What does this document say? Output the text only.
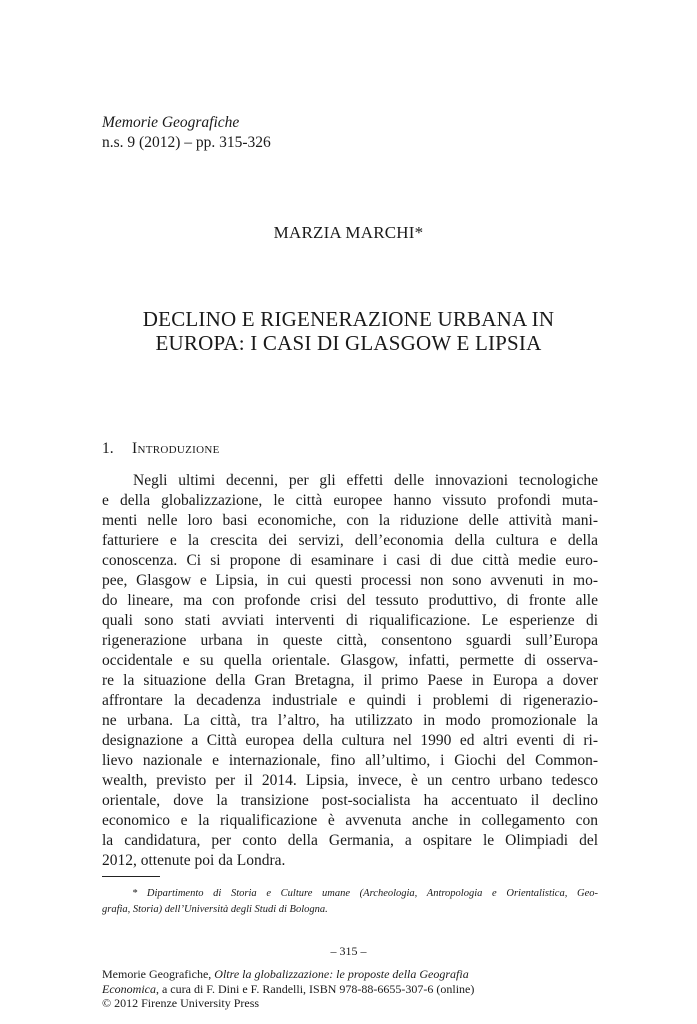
Memorie Geografiche
n.s. 9 (2012) – pp. 315-326
MARZIA MARCHI*
DECLINO E RIGENERAZIONE URBANA IN
EUROPA: I CASI DI GLASGOW E LIPSIA
1. Introduzione
Negli ultimi decenni, per gli effetti delle innovazioni tecnologiche
e della globalizzazione, le città europee hanno vissuto profondi muta-
menti nelle loro basi economiche, con la riduzione delle attività mani-
fatturiere e la crescita dei servizi, dell’economia della cultura e della
conoscenza. Ci si propone di esaminare i casi di due città medie euro-
pee, Glasgow e Lipsia, in cui questi processi non sono avvenuti in mo-
do lineare, ma con profonde crisi del tessuto produttivo, di fronte alle
quali sono stati avviati interventi di riqualificazione. Le esperienze di
rigenerazione urbana in queste città, consentono sguardi sull’Europa
occidentale e su quella orientale. Glasgow, infatti, permette di osserva-
re la situazione della Gran Bretagna, il primo Paese in Europa a dover
affrontare la decadenza industriale e quindi i problemi di rigenerazio-
ne urbana. La città, tra l’altro, ha utilizzato in modo promozionale la
designazione a Città europea della cultura nel 1990 ed altri eventi di ri-
lievo nazionale e internazionale, fino all’ultimo, i Giochi del Common-
wealth, previsto per il 2014. Lipsia, invece, è un centro urbano tedesco
orientale, dove la transizione post-socialista ha accentuato il declino
economico e la riqualificazione è avvenuta anche in collegamento con
la candidatura, per conto della Germania, a ospitare le Olimpiadi del
2012, ottenute poi da Londra.
* Dipartimento di Storia e Culture umane (Archeologia, Antropologia e Orientalistica, Geo-
grafia, Storia) dell’Università degli Studi di Bologna.
– 315 –
Memorie Geografiche, Oltre la globalizzazione: le proposte della Geografia
Economica, a cura di F. Dini e F. Randelli, ISBN 978-88-6655-307-6 (online)
© 2012 Firenze University Press
